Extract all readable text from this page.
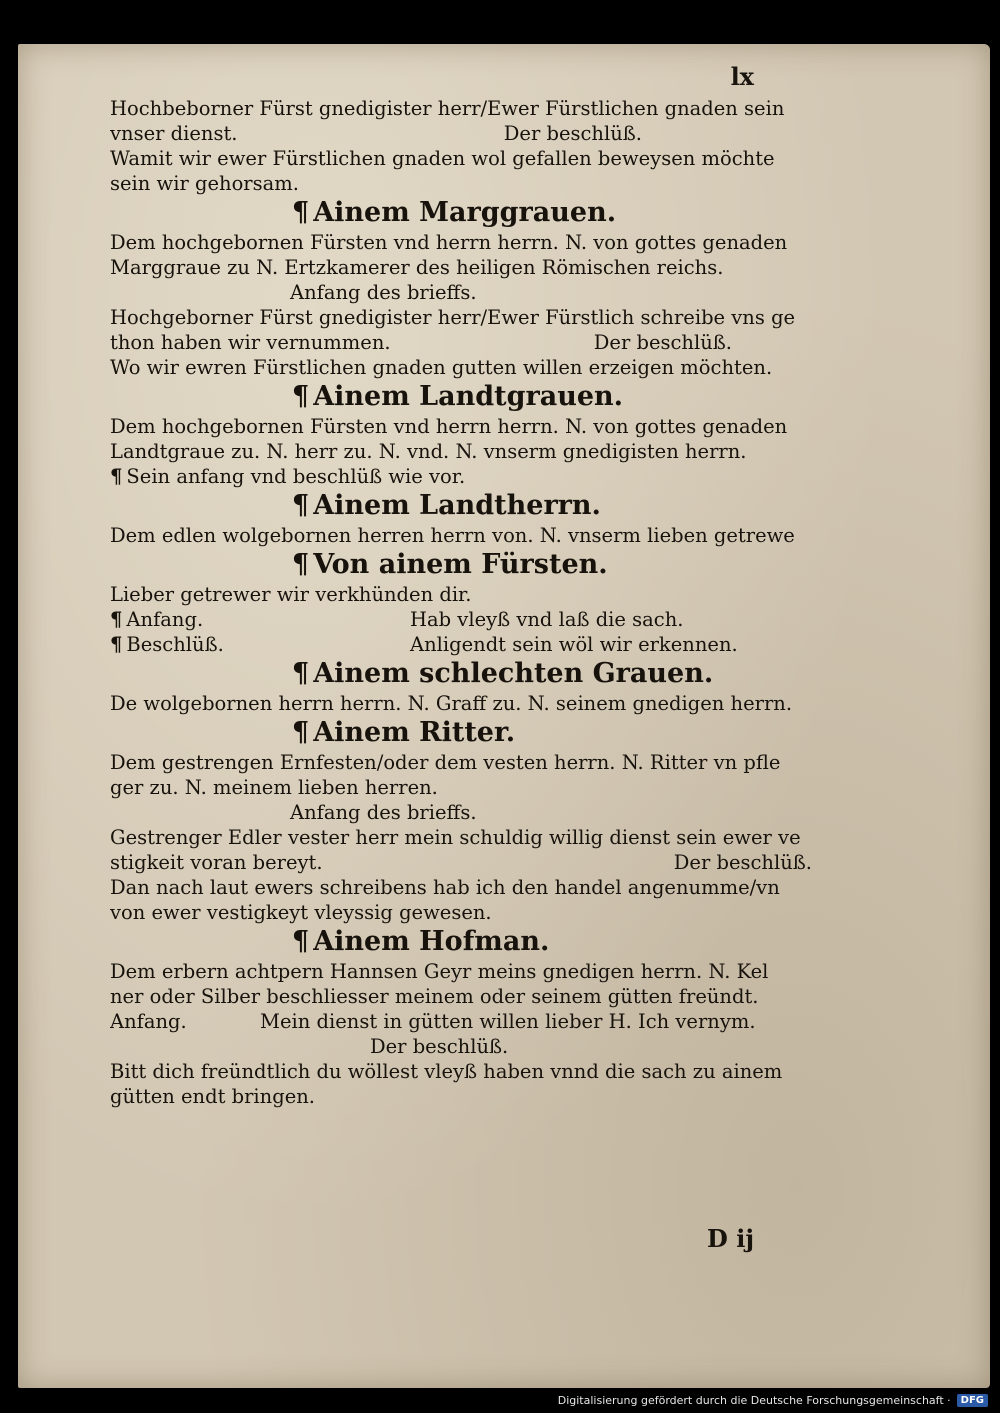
lx
Hochbeborner Fürst gnedigister herr/Ewer Fürstlichen gnaden sein
vnser dienst.	Der beschlüß.
Wamit wir ewer Fürstlichen gnaden wol gefallen beweysen möchte
sein wir gehorsam.
¶ Ainem Marggrauen.
Dem hochgebornen Fürsten vnd herrn herrn. N. von gottes genaden
Marggraue zu N. Ertzkamerer des heiligen Römischen reichs.
Anfang des brieffs.
Hochgeborner Fürst gnedigister herr/Ewer Fürstlich schreibe vns ge
thon haben wir vernummen.	Der beschlüß.
Wo wir ewren Fürstlichen gnaden gutten willen erzeigen möchten.
¶ Ainem Landtgrauen.
Dem hochgebornen Fürsten vnd herrn herrn. N. von gottes genaden
Landtgraue zu. N. herr zu. N. vnd. N. vnserm gnedigisten herrn.
¶ Sein anfang vnd beschlüß wie vor.
¶ Ainem Landtherrn.
Dem edlen wolgebornen herren herrn von. N. vnserm lieben getrewe
¶ Von ainem Fürsten.
Lieber getrewer wir verkhünden dir.
¶ Anfang.	Hab vleyß vnd laß die sach.
¶ Beschlüß.	Anligendt sein wöl wir erkennen.
¶ Ainem schlechten Grauen.
De wolgebornen herrn herrn. N. Graff zu. N. seinem gnedigen herrn.
¶ Ainem Ritter.
Dem gestrengen Ernfesten/oder dem vesten herrn. N. Ritter vn pfle
ger zu. N. meinem lieben herren.
Anfang des brieffs.
Gestrenger Edler vester herr mein schuldig willig dienst sein ewer ve
stigkeit voran bereyt.	Der beschlüß.
Dan nach laut ewers schreibens hab ich den handel angenumme/vn
von ewer vestigkeyt vleyssig gewesen.
¶ Ainem Hofman.
Dem erbern achtpern Hannsen Geyr meins gnedigen herrn. N. Kel
ner oder Silber beschliesser meinem oder seinem gütten freündt.
Anfang.	Mein dienst in gütten willen lieber H. Ich vernym.
Der beschlüß.
Bitt dich freündtlich du wöllest vleyß haben vnnd die sach zu ainem
gütten endt bringen.
D ij
Digitalisierung gefördert durch die Deutsche Forschungsgemeinschaft ·	DFG
